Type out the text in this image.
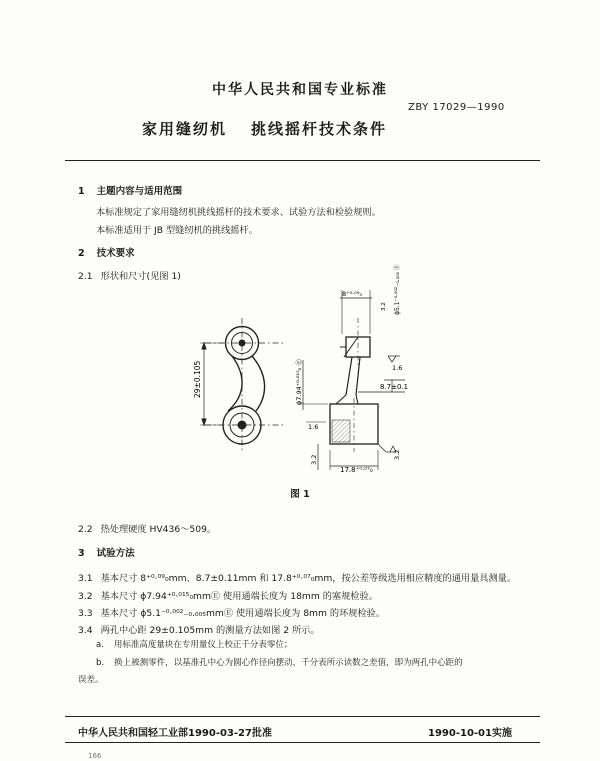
中华人民共和国专业标准
ZBY 17029—1990
家用缝纫机 挑线摇杆技术条件
1 主题内容与适用范围
本标准规定了家用缝纫机挑线摇杆的技术要求、试验方法和检验规则。
本标准适用于 JB 型缝纫机的挑线摇杆。
2 技术要求
2.1 形状和尺寸(见图 1)
29±0.105
8⁺⁰·⁰⁹₀	ϕ5.1⁻⁰·⁰⁰²₋₀.₀₀₅ Ⓔ
3.2
1.6
8.7±0.1
ϕ7.94⁺⁰·⁰¹⁵₀ Ⓔ
1.6
3.2
17.8⁺⁰·⁰⁷₀
3.2
图 1
2.2 热处理硬度 HV436～509。
3 试验方法
3.1 基本尺寸 8⁺⁰·⁰⁹₀mm、8.7±0.11mm 和 17.8⁺⁰·⁰⁷₀mm，按公差等级选用相应精度的通用量具测量。
3.2 基本尺寸 ϕ7.94⁺⁰·⁰¹⁵₀mmⒺ 使用通端长度为 18mm 的塞规检验。
3.3 基本尺寸 ϕ5.1⁻⁰·⁰⁰²₋₀.₀₀₅mmⒺ 使用通端长度为 8mm 的环规检验。
3.4 两孔中心距 29±0.105mm 的测量方法如图 2 所示。
a. 用标准高度量块在专用量仪上校正千分表零位；
b. 换上被测零件，以基准孔中心为圆心作径向摆动，千分表所示读数之差值，即为两孔中心距的
误差。
中华人民共和国轻工业部1990-03-27批准	1990-10-01实施
166
